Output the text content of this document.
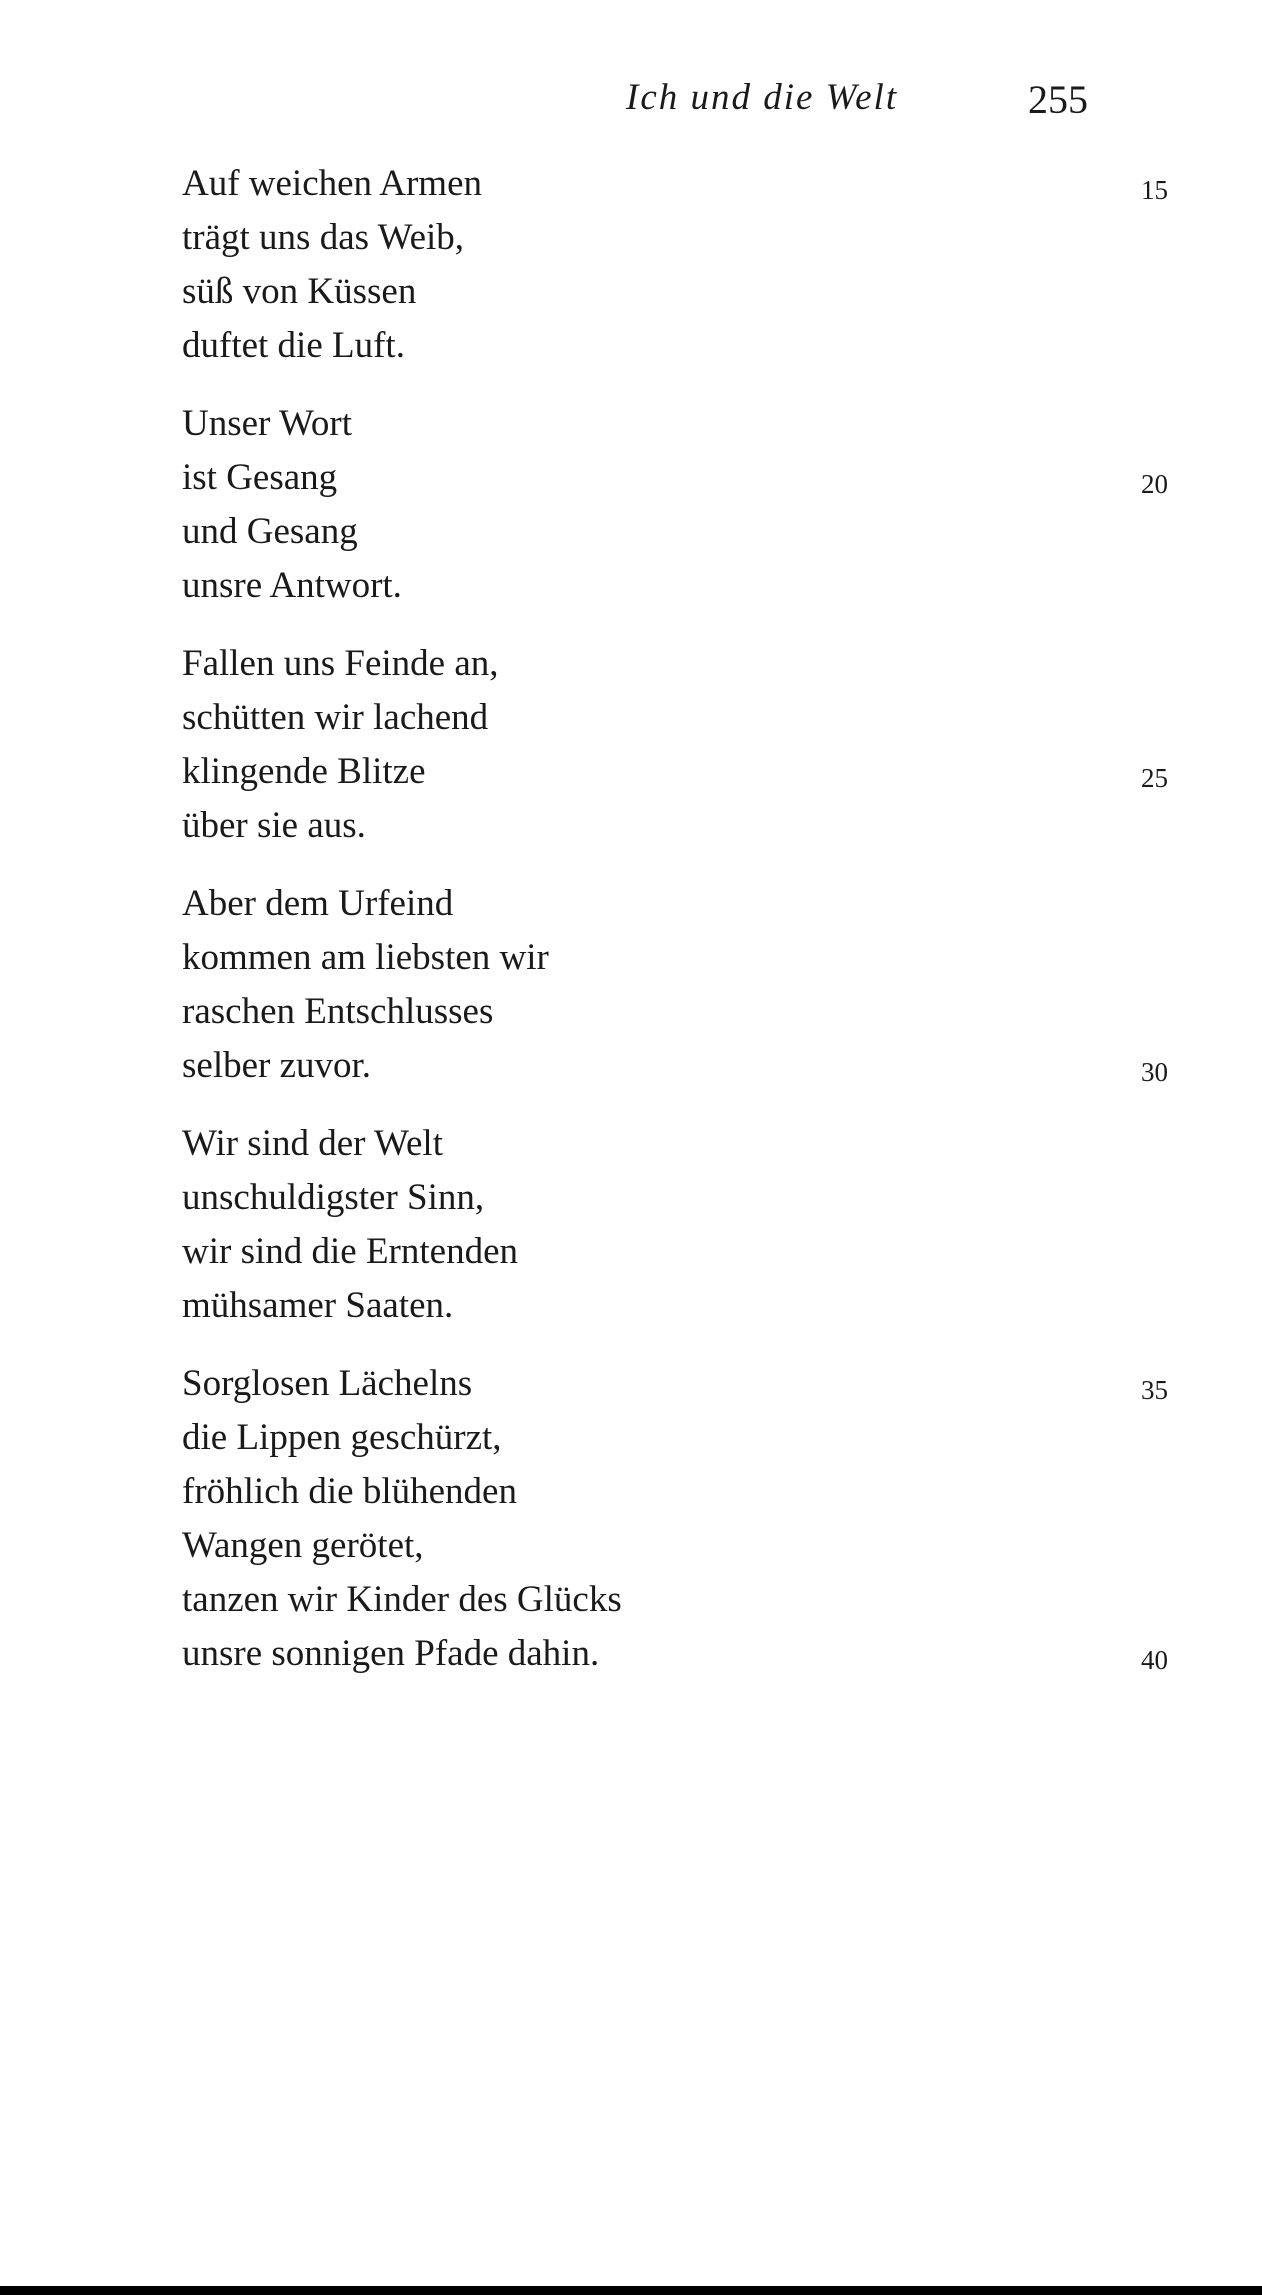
Ich und die Welt	255
Auf weichen Armen
trägt uns das Weib,
süß von Küssen
duftet die Luft.
Unser Wort
ist Gesang
und Gesang
unsre Antwort.
Fallen uns Feinde an,
schütten wir lachend
klingende Blitze
über sie aus.
Aber dem Urfeind
kommen am liebsten wir
raschen Entschlusses
selber zuvor.
Wir sind der Welt
unschuldigster Sinn,
wir sind die Erntenden
mühsamer Saaten.
Sorglosen Lächelns
die Lippen geschürzt,
fröhlich die blühenden
Wangen gerötet,
tanzen wir Kinder des Glücks
unsre sonnigen Pfade dahin.
15
20
25
30
35
40
